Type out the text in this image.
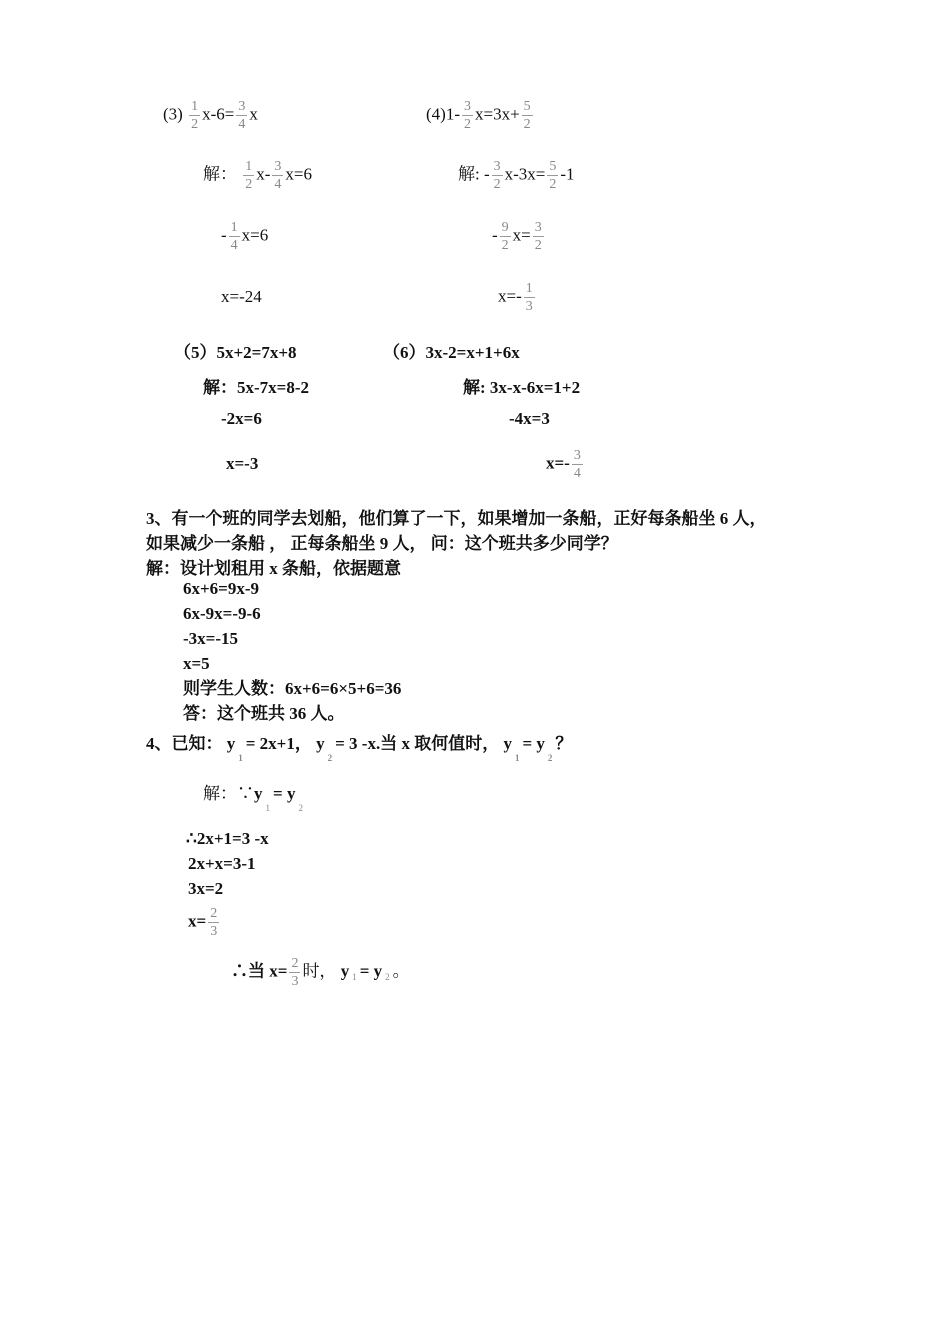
$(3) \frac{1}{2} x-6= \frac{3}{4}$ x
解： $\frac{1}{2} x- \frac{3}{4} x=6$
- $\frac{1}{4} x=6$
x=-24
$(4)1- \frac{3}{2} x=3x+ \frac{5}{2}$
解: - $\frac{3}{2} x-3x= \frac{5}{2} -1$
- $\frac{9}{2} x= \frac{3}{2}$
$x=- \frac{1}{3}$
（5）5x+2=7x+8
解：5x-7x=8-2
-2x=6
x=-3
（6）3x-2=x+1+6x
解: 3x-x-6x=1+2
-4x=3
$x=- \frac{3}{4}$
3、有一个班的同学去划船，他们算了一下，如果增加一条船，正好每条船坐 6 人，
如果减少一条船 ， 正每条船坐 9 人， 问：这个班共多少同学？
解：设计划租用 x 条船，依据题意
6x+6=9x-9
6x-9x=-9-6
-3x=-15
x=5
则学生人数：6x+6=6×5+6=36
答：这个班共 36 人。
4、已知： $y_1= 2x+1$， $y_2= 3$ -x.当 x 取何值时， $y_1= y_2$？
解：$\because y_1= y_2$
∴2x+1=3 -x
2x+x=3-1
3x=2
$x= \frac{2}{3}$
∴当 $x= \frac{2}{3}$ 时， y $_1$ = y $_2$ 。
